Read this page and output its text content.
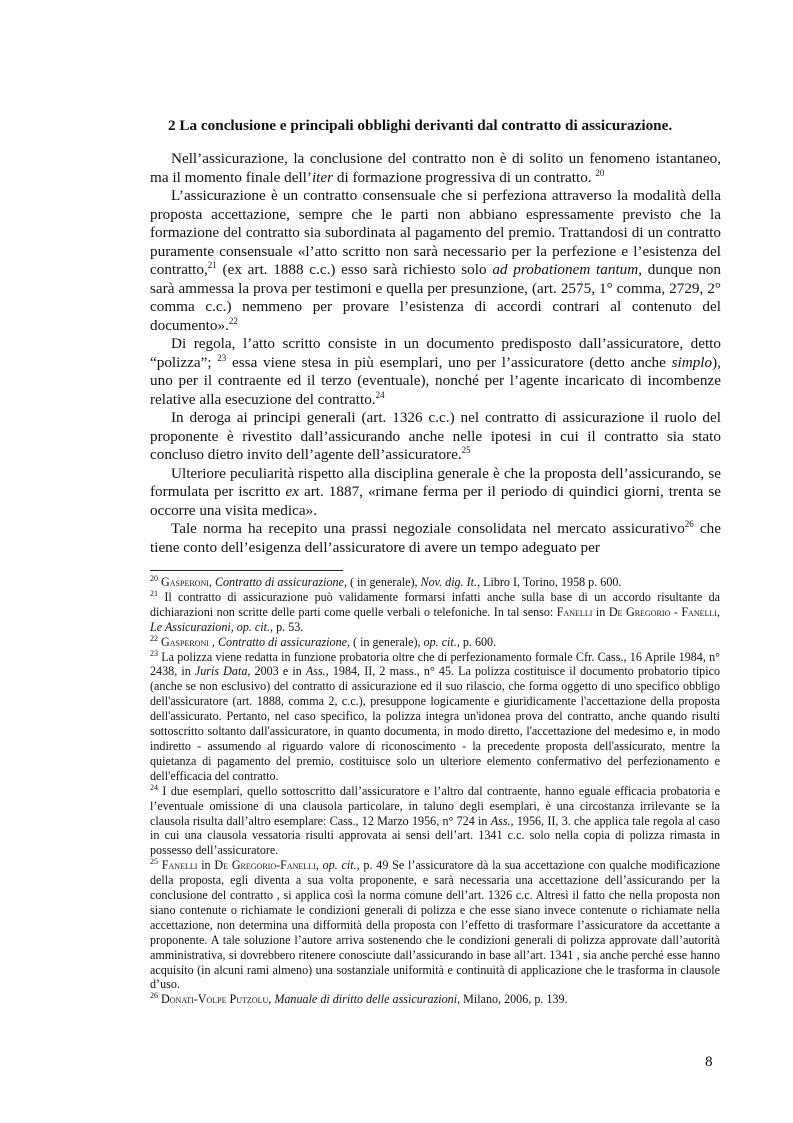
2 La conclusione e principali obblighi derivanti dal contratto di assicurazione.

Nell’assicurazione, la conclusione del contratto non è di solito un fenomeno istantaneo, ma il momento finale dell’iter di formazione progressiva di un contratto. $^{20}$

L’assicurazione è un contratto consensuale che si perfeziona attraverso la modalità della proposta accettazione, sempre che le parti non abbiano espressamente previsto che la formazione del contratto sia subordinata al pagamento del premio. Trattandosi di un contratto puramente consensuale «l’atto scritto non sarà necessario per la perfezione e l’esistenza del contratto,$^{21}$ (ex art. 1888 c.c.) esso sarà richiesto solo ad probationem tantum, dunque non sarà ammessa la prova per testimoni e quella per presunzione, (art. 2575, 1° comma, 2729, 2° comma c.c.) nemmeno per provare l’esistenza di accordi contrari al contenuto del documento».$^{22}$

Di regola, l’atto scritto consiste in un documento predisposto dall’assicuratore, detto “polizza”; $^{23}$ essa viene stesa in più esemplari, uno per l’assicuratore (detto anche simplo), uno per il contraente ed il terzo (eventuale), nonché per l’agente incaricato di incombenze relative alla esecuzione del contratto.$^{24}$

In deroga ai principi generali (art. 1326 c.c.) nel contratto di assicurazione il ruolo del proponente è rivestito dall’assicurando anche nelle ipotesi in cui il contratto sia stato concluso dietro invito dell’agente dell’assicuratore.$^{25}$

Ulteriore peculiarità rispetto alla disciplina generale è che la proposta dell’assicurando, se formulata per iscritto ex art. 1887, «rimane ferma per il periodo di quindici giorni, trenta se occorre una visita medica».

Tale norma ha recepito una prassi negoziale consolidata nel mercato assicurativo$^{26}$ che tiene conto dell’esigenza dell’assicuratore di avere un tempo adeguato per

$^{20}$ Gasperoni, Contratto di assicurazione, ( in generale), Nov. dig. It., Libro I, Torino, 1958 p. 600.

$^{21}$ Il contratto di assicurazione può validamente formarsi infatti anche sulla base di un accordo risultante da dichiarazioni non scritte delle parti come quelle verbali o telefoniche. In tal senso: Fanelli in De Gregorio - Fanelli, Le Assicurazioni, op. cit., p. 53.

$^{22}$ Gasperoni , Contratto di assicurazione, ( in generale), op. cit., p. 600.

$^{23}$ La polizza viene redatta in funzione probatoria oltre che di perfezionamento formale Cfr. Cass., 16 Aprile 1984, n° 2438, in Juris Data, 2003 e in Ass., 1984, II, 2 mass., n° 45. La polizza costituisce il documento probatorio tipico (anche se non esclusivo) del contratto di assicurazione ed il suo rilascio, che forma oggetto di uno specifico obbligo dell'assicuratore (art. 1888, comma 2, c.c.), presuppone logicamente e giuridicamente l'accettazione della proposta dell'assicurato. Pertanto, nel caso specifico, la polizza integra un'idonea prova del contratto, anche quando risulti sottoscritto soltanto dall'assicuratore, in quanto documenta, in modo diretto, l'accettazione del medesimo e, in modo indiretto - assumendo al riguardo valore di riconoscimento - la precedente proposta dell'assicurato, mentre la quietanza di pagamento del premio, costituisce solo un ulteriore elemento confermativo del perfezionamento e dell'efficacia del contratto.

$^{24}$ I due esemplari, quello sottoscritto dall’assicuratore e l’altro dal contraente, hanno eguale efficacia probatoria e l’eventuale omissione di una clausola particolare, in taluno degli esemplari, è una circostanza irrilevante se la clausola risulta dall’altro esemplare: Cass., 12 Marzo 1956, n° 724 in Ass., 1956, II, 3. che applica tale regola al caso in cui una clausola vessatoria risulti approvata ai sensi dell’art. 1341 c.c. solo nella copia di polizza rimasta in possesso dell’assicuratore.

$^{25}$ Fanelli in De Gregorio-Fanelli, op. cit., p. 49 Se l’assicuratore dà la sua accettazione con qualche modificazione della proposta, egli diventa a sua volta proponente, e sarà necessaria una accettazione dell’assicurando per la conclusione del contratto , si applica così la norma comune dell’art. 1326 c.c. Altresì il fatto che nella proposta non siano contenute o richiamate le condizioni generali di polizza e che esse siano invece contenute o richiamate nella accettazione, non determina una difformità della proposta con l’effetto di trasformare l’assicuratore da accettante a proponente. A tale soluzione l’autore arriva sostenendo che le condizioni generali di polizza approvate dall’autorità amministrativa, si dovrebbero ritenere conosciute dall’assicurando in base all’art. 1341 , sia anche perché esse hanno acquisito (in alcuni rami almeno) una sostanziale uniformità e continuità di applicazione che le trasforma in clausole d’uso.

$^{26}$ Donati-Volpe Putzolu, Manuale di diritto delle assicurazioni, Milano, 2006, p. 139.

8
